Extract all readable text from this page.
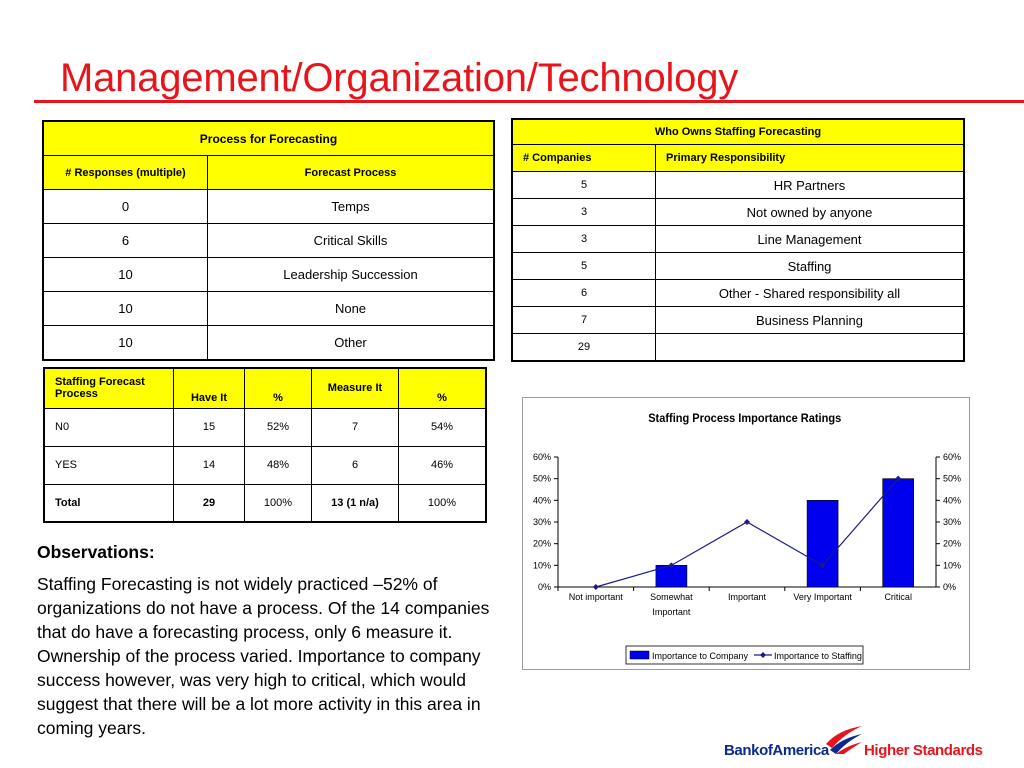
Management/Organization/Technology
Process for Forecasting	
# Responses (multiple)	Forecast Process
0	Temps
6	Critical Skills
10	Leadership Succession
10	None
10	Other
Who Owns Staffing Forecasting	
# Companies	Primary Responsibility
5	HR Partners
3	Not owned by anyone
3	Line Management
5	Staffing
6	Other - Shared responsibility all
7	Business Planning
29	
Staffing Forecast Process	Have It	%	Measure It	%
N0	15	52%	7	54%
YES	14	48%	6	46%
Total	29	100%	13 (1 n/a)	100%
Observations:
Staffing Forecasting is not widely practiced –52% of organizations do not have a process. Of the 14 companies that do have a forecasting process, only 6 measure it. Ownership of the process varied. Importance to company success however, was very high to critical, which would suggest that there will be a lot more activity in this area in coming years.
Staffing Process Importance Ratings
0%	0%
10%	10%
20%	20%
30%	30%
40%	40%
50%	50%
60%	60%
Not important	Somewhat
Important
Important	Very Important	Critical
Importance to Company	Importance to Staffing
BankofAmerica Higher Standards
